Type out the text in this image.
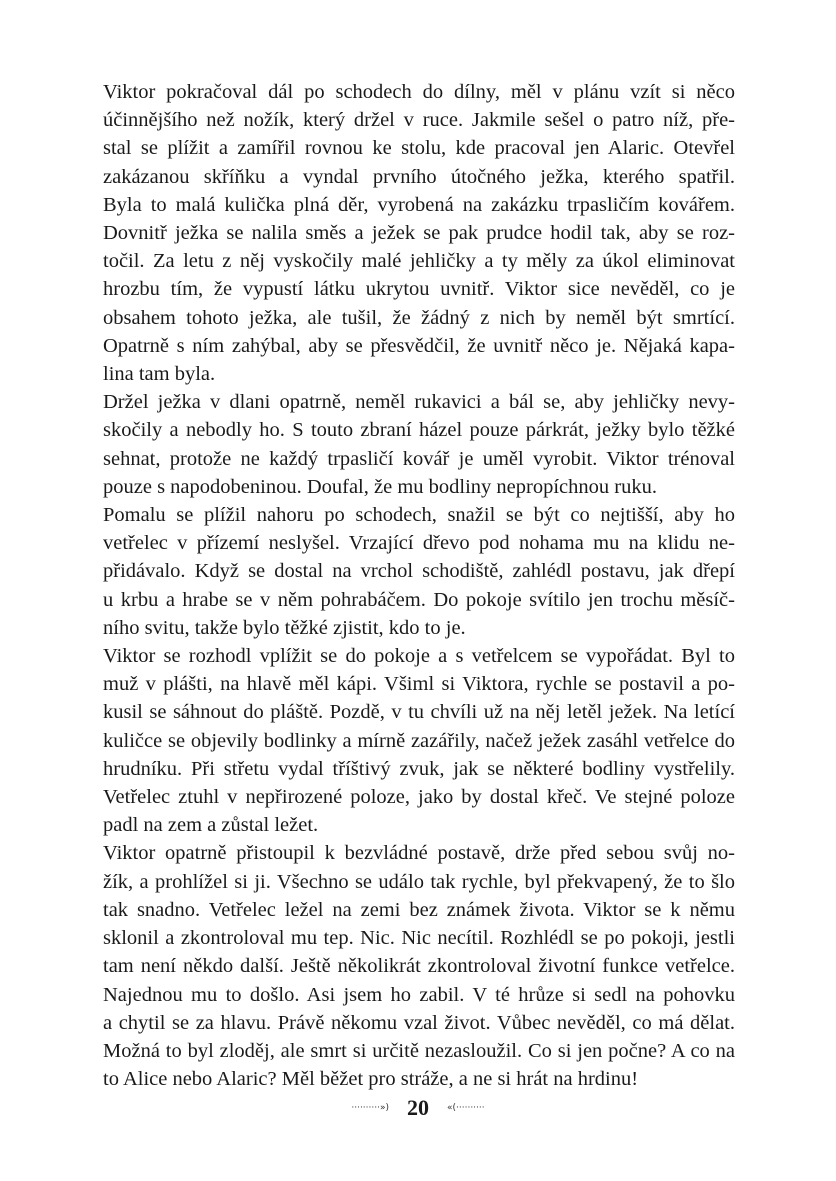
Viktor pokračoval dál po schodech do dílny, měl v plánu vzít si něco
účinnějšího než nožík, který držel v ruce. Jakmile sešel o patro níž, pře-
stal se plížit a zamířil rovnou ke stolu, kde pracoval jen Alaric. Otevřel
zakázanou skříňku a vyndal prvního útočného ježka, kterého spatřil.
Byla to malá kulička plná děr, vyrobená na zakázku trpasličím kovářem.
Dovnitř ježka se nalila směs a ježek se pak prudce hodil tak, aby se roz-
točil. Za letu z něj vyskočily malé jehličky a ty měly za úkol eliminovat
hrozbu tím, že vypustí látku ukrytou uvnitř. Viktor sice nevěděl, co je
obsahem tohoto ježka, ale tušil, že žádný z nich by neměl být smrtící.
Opatrně s ním zahýbal, aby se přesvědčil, že uvnitř něco je. Nějaká kapa-
lina tam byla.

Držel ježka v dlani opatrně, neměl rukavici a bál se, aby jehličky nevy-
skočily a nebodly ho. S touto zbraní házel pouze párkrát, ježky bylo těžké
sehnat, protože ne každý trpasličí kovář je uměl vyrobit. Viktor trénoval
pouze s napodobeninou. Doufal, že mu bodliny nepropíchnou ruku.

Pomalu se plížil nahoru po schodech, snažil se být co nejtišší, aby ho
vetřelec v přízemí neslyšel. Vrzající dřevo pod nohama mu na klidu ne-
přidávalo. Když se dostal na vrchol schodiště, zahlédl postavu, jak dřepí
u krbu a hrabe se v něm pohrabáčem. Do pokoje svítilo jen trochu měsíč-
ního svitu, takže bylo těžké zjistit, kdo to je.

Viktor se rozhodl vplížit se do pokoje a s vetřelcem se vypořádat. Byl to
muž v plášti, na hlavě měl kápi. Všiml si Viktora, rychle se postavil a po-
kusil se sáhnout do pláště. Pozdě, v tu chvíli už na něj letěl ježek. Na letící
kuličce se objevily bodlinky a mírně zazářily, načež ježek zasáhl vetřelce do
hrudníku. Při střetu vydal tříštivý zvuk, jak se některé bodliny vystřelily.
Vetřelec ztuhl v nepřirozené poloze, jako by dostal křeč. Ve stejné poloze
padl na zem a zůstal ležet.

Viktor opatrně přistoupil k bezvládné postavě, drže před sebou svůj no-
žík, a prohlížel si ji. Všechno se událo tak rychle, byl překvapený, že to šlo
tak snadno. Vetřelec ležel na zemi bez známek života. Viktor se k němu
sklonil a zkontroloval mu tep. Nic. Nic necítil. Rozhlédl se po pokoji, jestli
tam není někdo další. Ještě několikrát zkontroloval životní funkce vetřelce.
Najednou mu to došlo. Asi jsem ho zabil. V té hrůze si sedl na pohovku
a chytil se za hlavu. Právě někomu vzal život. Vůbec nevěděl, co má dělat.
Možná to byl zloděj, ale smrt si určitě nezasloužil. Co si jen počne? A co na
to Alice nebo Alaric? Měl běžet pro stráže, a ne si hrát na hrdinu!

··········») 20 «(··········
